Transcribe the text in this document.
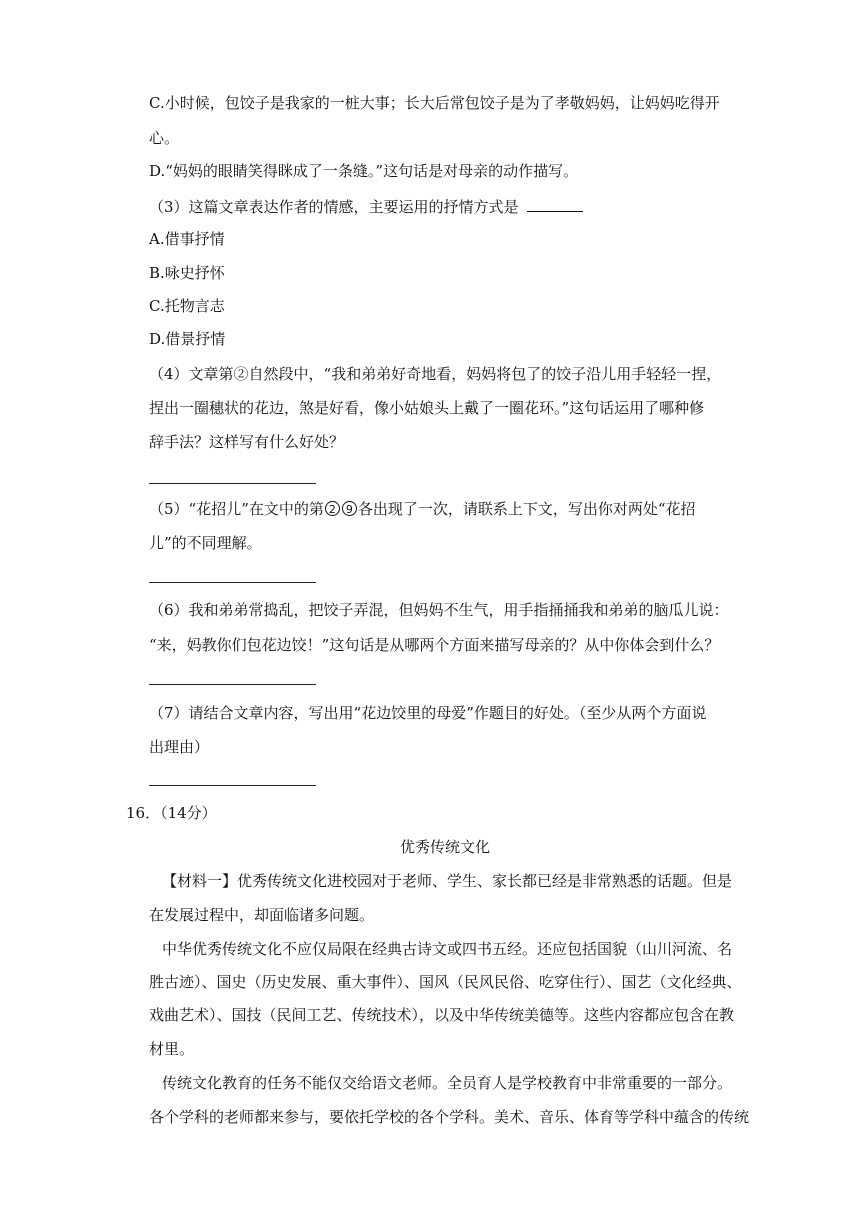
C.小时候，包饺子是我家的一桩大事；长大后常包饺子是为了孝敬妈妈，让妈妈吃得开

心。

D.“妈妈的眼睛笑得眯成了一条缝。”这句话是对母亲的动作描写。

（3）这篇文章表达作者的情感，主要运用的抒情方式是

A.借事抒情

B.咏史抒怀

C.托物言志

D.借景抒情

（4）文章第②自然段中，“我和弟弟好奇地看，妈妈将包了的饺子沿儿用手轻轻一捏，

捏出一圈穗状的花边，煞是好看，像小姑娘头上戴了一圈花环。”这句话运用了哪种修

辞手法？这样写有什么好处？

（5）“花招儿”在文中的第 2 9 各出现了一次，请联系上下文，写出你对两处“花招

儿”的不同理解。

（6）我和弟弟常捣乱，把饺子弄混，但妈妈不生气，用手指捅捅我和弟弟的脑瓜儿说：

“来，妈教你们包花边饺！”这句话是从哪两个方面来描写母亲的？从中你体会到什么？

（7）请结合文章内容，写出用“花边饺里的母爱”作题目的好处。（至少从两个方面说

出理由）

16．（14分）

优秀传统文化

【材料一】优秀传统文化进校园对于老师、学生、家长都已经是非常熟悉的话题。但是

在发展过程中，却面临诸多问题。

中华优秀传统文化不应仅局限在经典古诗文或四书五经。还应包括国貌（山川河流、名

胜古迹）、国史（历史发展、重大事件）、国风（民风民俗、吃穿住行）、国艺（文化经典、

戏曲艺术）、国技（民间工艺、传统技术），以及中华传统美德等。这些内容都应包含在教

材里。

传统文化教育的任务不能仅交给语文老师。全员育人是学校教育中非常重要的一部分。

各个学科的老师都来参与，要依托学校的各个学科。美术、音乐、体育等学科中蕴含的传统
